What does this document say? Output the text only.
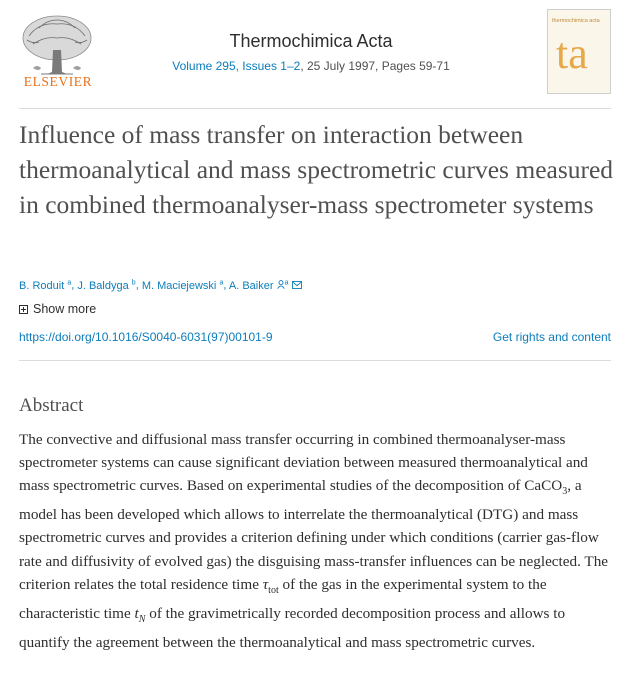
ELSEVIER
Thermochimica Acta
Volume 295, Issues 1–2, 25 July 1997, Pages 59-71
thermochimica acta
ta
Influence of mass transfer on interaction between thermoanalytical and mass spectrometric curves measured in combined thermoanalyser-mass spectrometer systems
B. Roduit $^a$, J. Baldyga $^b$, M. Maciejewski $^a$, A. Baiker $^a$
Show more
https://doi.org/10.1016/S0040-6031(97)00101-9	Get rights and content
Abstract

The convective and diffusional mass transfer occurring in combined thermoanalyser-mass spectrometer systems can cause significant deviation between measured thermoanalytical and mass spectrometric curves. Based on experimental studies of the decomposition of CaCO$_3$, a model has been developed which allows to interrelate the thermoanalytical (DTG) and mass spectrometric curves and provides a criterion defining under which conditions (carrier gas-flow rate and diffusivity of evolved gas) the disguising mass-transfer influences can be neglected. The criterion relates the total residence time $\tau_{tot}$ of the gas in the experimental system to the characteristic time $t_N$ of the gravimetrically recorded decomposition process and allows to quantify the agreement between the thermoanalytical and mass spectrometric curves.
